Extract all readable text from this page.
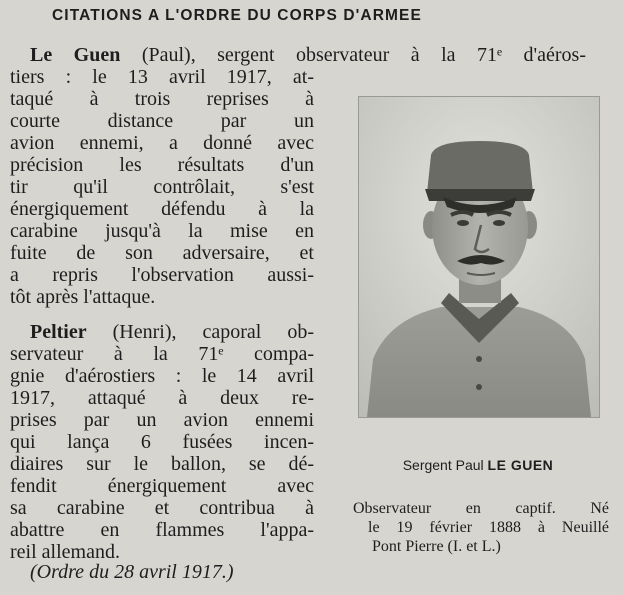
CITATIONS A L'ORDRE DU CORPS D'ARMEE
Le Guen (Paul), sergent observateur à la 71ᵉ d'aéros-
tiers : le 13 avril 1917, at-
taqué à trois reprises à
courte distance par un
avion ennemi, a donné avec
précision les résultats d'un
tir qu'il contrôlait, s'est
énergiquement défendu à la
carabine jusqu'à la mise en
fuite de son adversaire, et
a repris l'observation aussi-
tôt après l'attaque.
Peltier (Henri), caporal ob-
servateur à la 71ᵉ compa-
gnie d'aérostiers : le 14 avril
1917, attaqué à deux re-
prises par un avion ennemi
qui lança 6 fusées incen-
diaires sur le ballon, se dé-
fendit énergiquement avec
sa carabine et contribua à
abattre en flammes l'appa-
reil allemand.
(Ordre du 28 avril 1917.)
Sergent Paul LE GUEN
Observateur en captif. Né
le 19 février 1888 à Neuillé
Pont Pierre (I. et L.)
